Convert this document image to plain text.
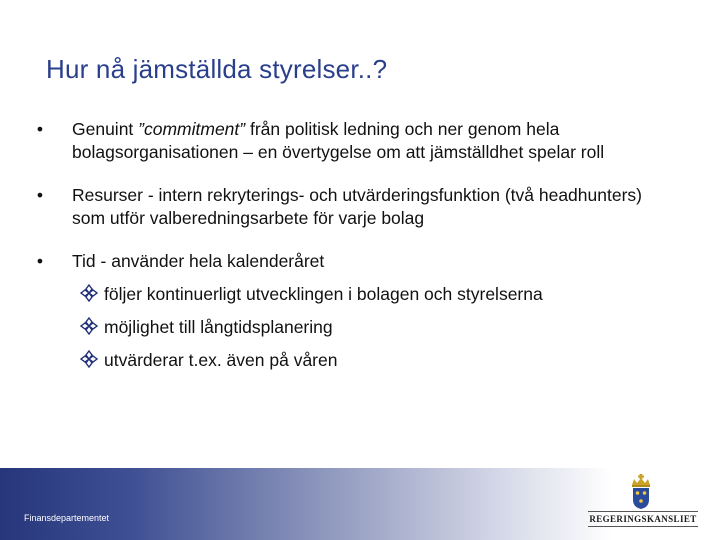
Hur nå jämställda styrelser..?
•	Genuint ”commitment” från politisk ledning och ner genom hela bolagsorganisationen – en övertygelse om att jämställdhet spelar roll
•	Resurser - intern rekryterings- och utvärderingsfunktion (två headhunters) som utför valberedningsarbete för varje bolag
•	Tid - använder hela kalenderåret
följer kontinuerligt utvecklingen i bolagen och styrelserna
möjlighet till långtidsplanering
utvärderar t.ex. även på våren
Finansdepartementet	REGERINGSKANSLIET
